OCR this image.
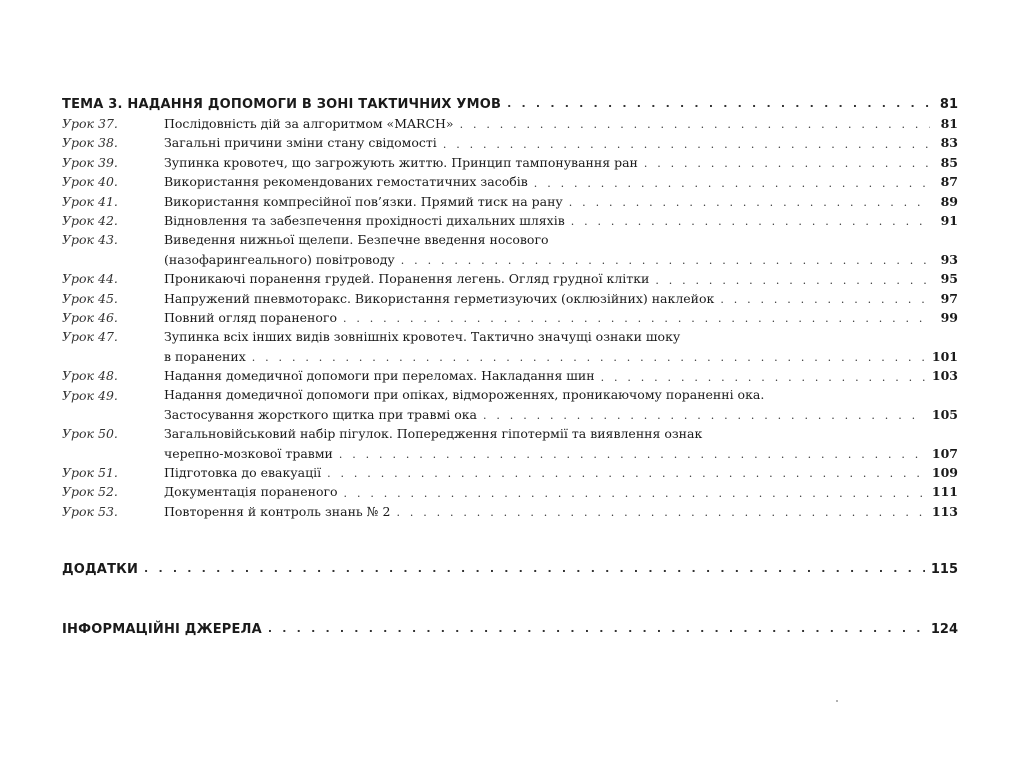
ТЕМА 3. НАДАННЯ ДОПОМОГИ В ЗОНІ ТАКТИЧНИХ УМОВ . . .	81
Урок 37.	Послідовність дій за алгоритмом «MARCH» . . .	81
Урок 38.	Загальні причини зміни стану свідомості . . .	83
Урок 39.	Зупинка кровотеч, що загрожують життю. Принцип тампонування ран . . .	85
Урок 40.	Використання рекомендованих гемостатичних засобів . . .	87
Урок 41.	Використання компресійної пов’язки. Прямий тиск на рану . . .	89
Урок 42.	Відновлення та забезпечення прохідності дихальних шляхів . . .	91
Урок 43.	Виведення нижньої щелепи. Безпечне введення носового
(назофарингеального) повітроводу . . .	93
Урок 44.	Проникаючі поранення грудей. Поранення легень. Огляд грудної клітки . . .	95
Урок 45.	Напружений пневмоторакс. Використання герметизуючих (оклюзійних) наклейок . . .	97
Урок 46.	Повний огляд пораненого . . .	99
Урок 47.	Зупинка всіх інших видів зовнішніх кровотеч. Тактично значущі ознаки шоку
в поранених . . .	101
Урок 48.	Надання домедичної допомоги при переломах. Накладання шин . . .	103
Урок 49.	Надання домедичної допомоги при опіках, відмороженнях, проникаючому пораненні ока.
Застосування жорсткого щитка при травмі ока . . .	105
Урок 50.	Загальновійськовий набір пігулок. Попередження гіпотермії та виявлення ознак
черепно-мозкової травми . . .	107
Урок 51.	Підготовка до евакуації . . .	109
Урок 52.	Документація пораненого . . .	111
Урок 53.	Повторення й контроль знань № 2 . . .	113
ДОДАТКИ . . .	115
ІНФОРМАЦІЙНІ ДЖЕРЕЛА . . .	124
